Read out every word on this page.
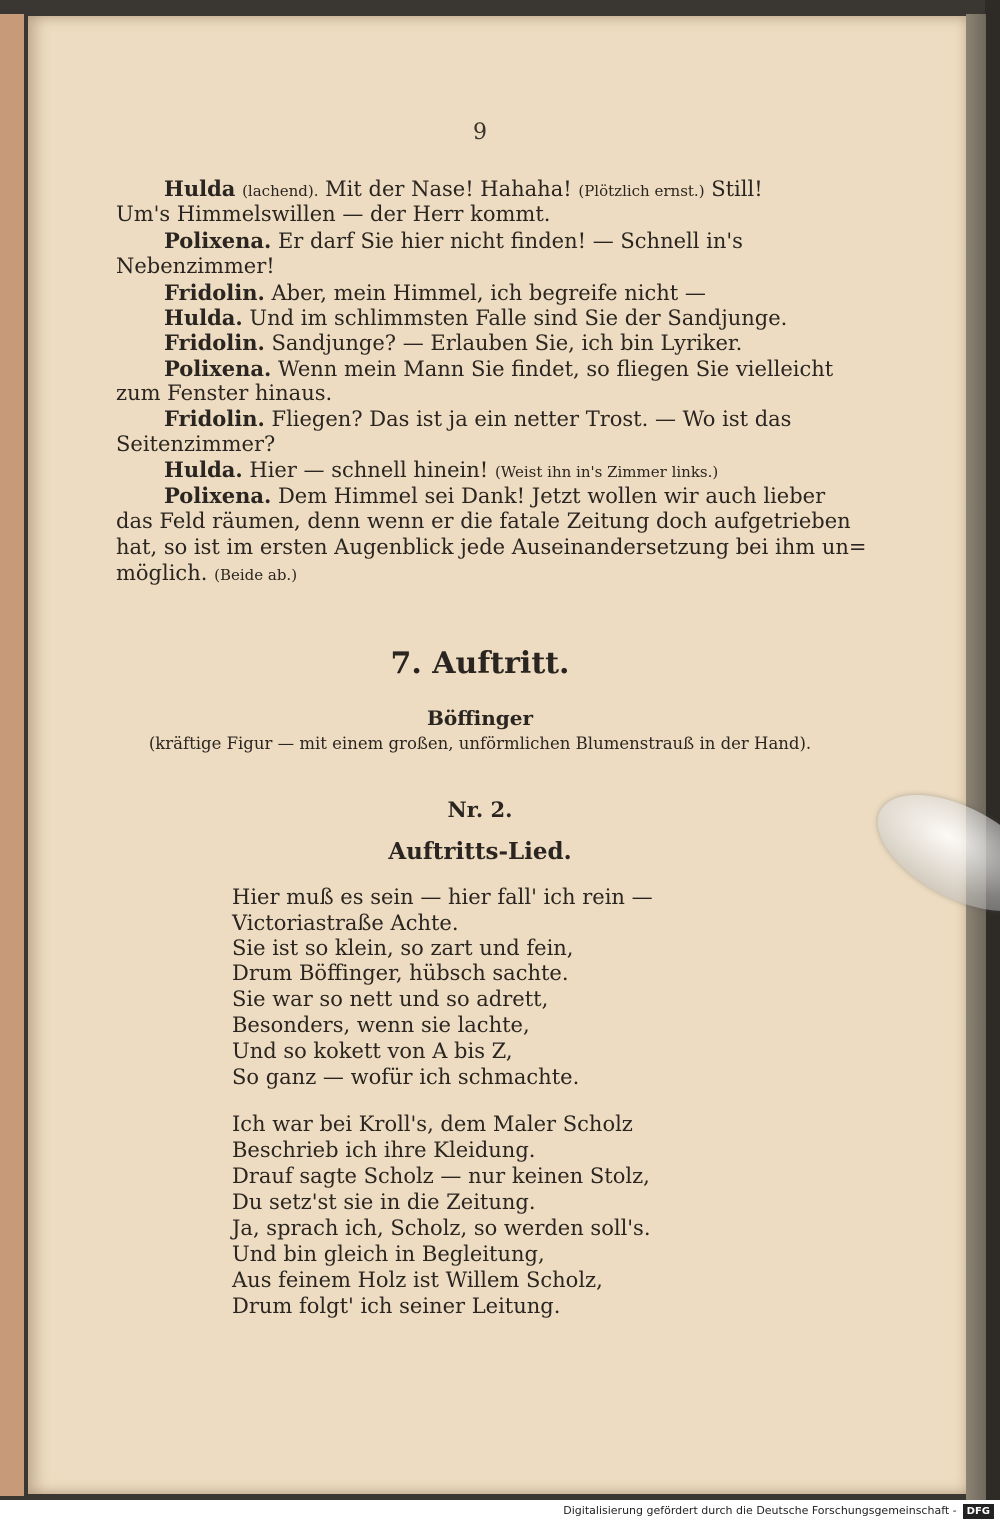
9
Hulda (lachend). Mit der Nase! Hahaha! (Plötzlich ernst.) Still!
Um's Himmelswillen — der Herr kommt.
Polixena. Er darf Sie hier nicht finden! — Schnell in's
Nebenzimmer!
Fridolin. Aber, mein Himmel, ich begreife nicht —
Hulda. Und im schlimmsten Falle sind Sie der Sandjunge.
Fridolin. Sandjunge? — Erlauben Sie, ich bin Lyriker.
Polixena. Wenn mein Mann Sie findet, so fliegen Sie vielleicht
zum Fenster hinaus.
Fridolin. Fliegen? Das ist ja ein netter Trost. — Wo ist das
Seitenzimmer?
Hulda. Hier — schnell hinein! (Weist ihn in's Zimmer links.)
Polixena. Dem Himmel sei Dank! Jetzt wollen wir auch lieber
das Feld räumen, denn wenn er die fatale Zeitung doch aufgetrieben
hat, so ist im ersten Augenblick jede Auseinandersetzung bei ihm un=
möglich. (Beide ab.)
7. Auftritt.
Böffinger
(kräftige Figur — mit einem großen, unförmlichen Blumenstrauß in der Hand).
Nr. 2.
Auftritts-Lied.
Hier muß es sein — hier fall' ich rein —
Victoriastraße Achte.
Sie ist so klein, so zart und fein,
Drum Böffinger, hübsch sachte.
Sie war so nett und so adrett,
Besonders, wenn sie lachte,
Und so kokett von A bis Z,
So ganz — wofür ich schmachte.
Ich war bei Kroll's, dem Maler Scholz
Beschrieb ich ihre Kleidung.
Drauf sagte Scholz — nur keinen Stolz,
Du setz'st sie in die Zeitung.
Ja, sprach ich, Scholz, so werden soll's.
Und bin gleich in Begleitung,
Aus feinem Holz ist Willem Scholz,
Drum folgt' ich seiner Leitung.
Digitalisierung gefördert durch die Deutsche Forschungsgemeinschaft - DFG
